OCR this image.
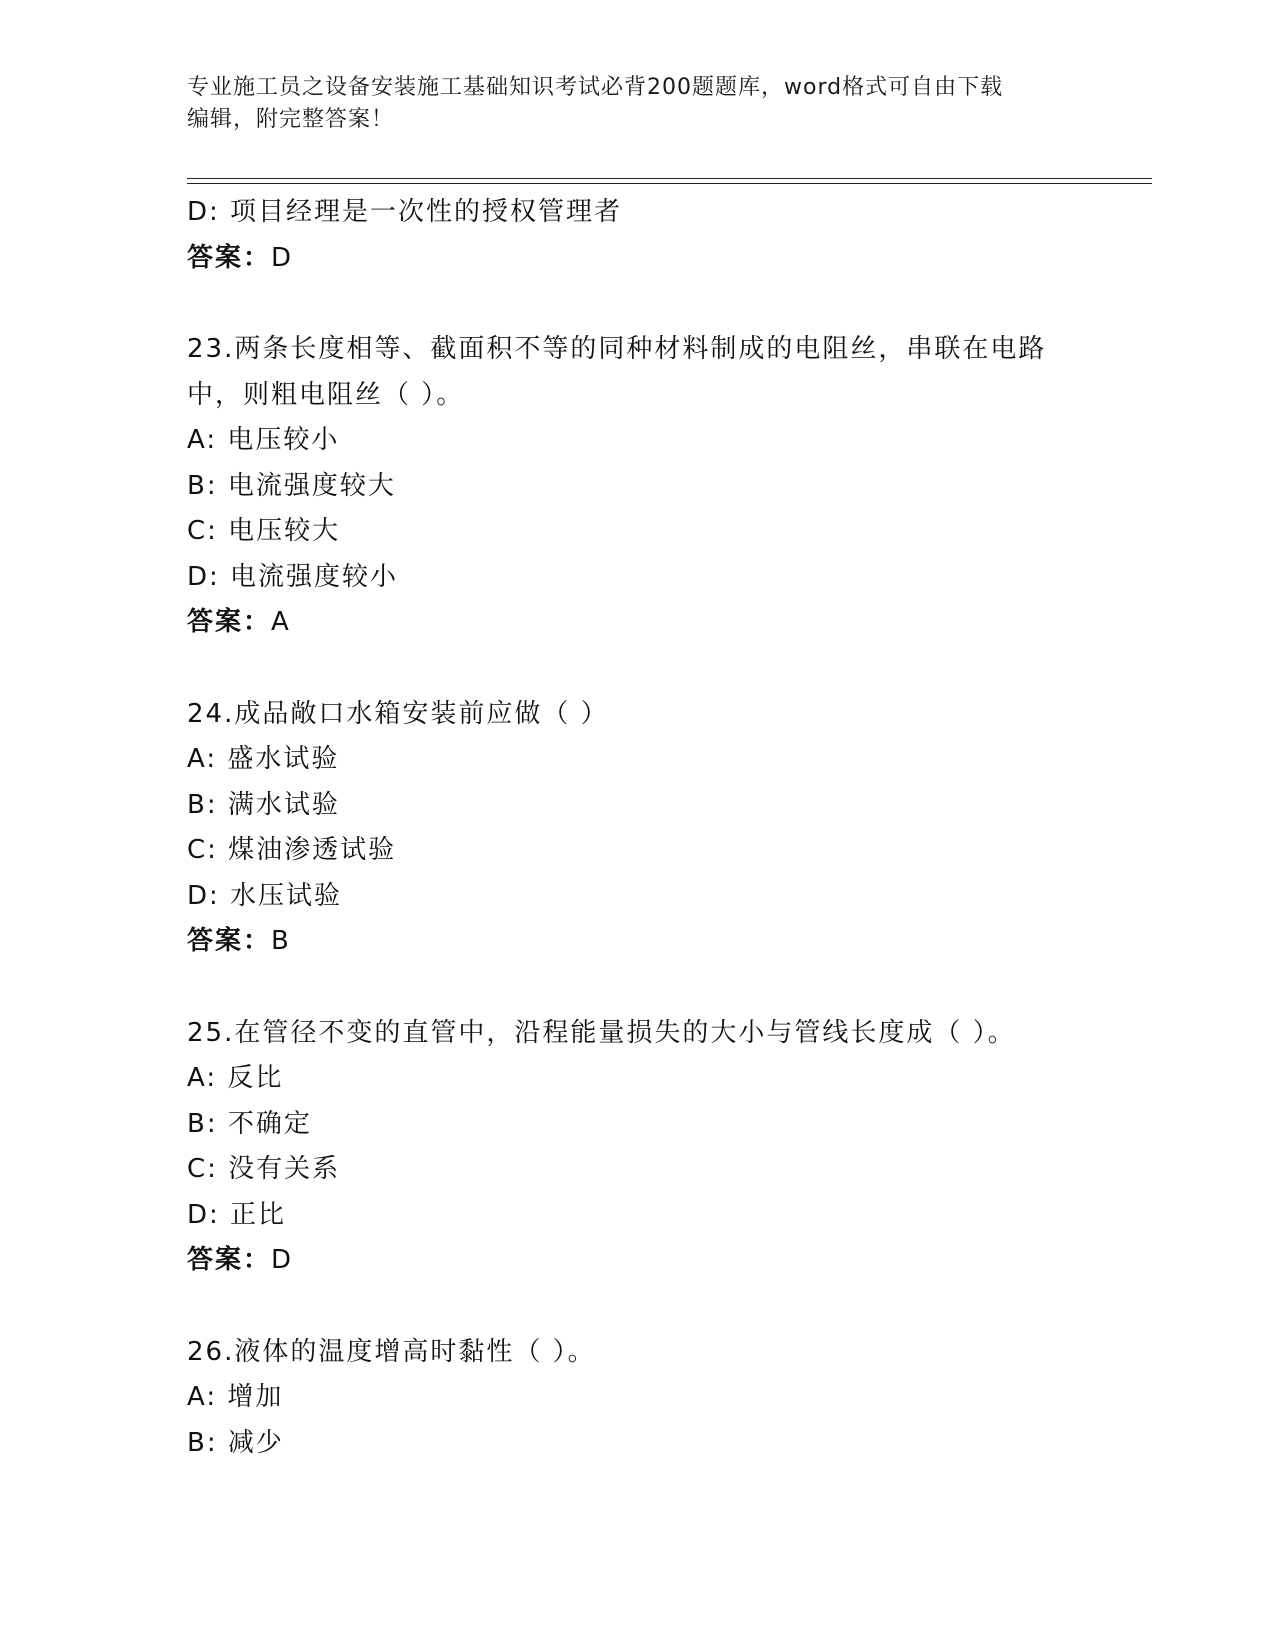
专业施工员之设备安装施工基础知识考试必背200题题库，word格式可自由下载
编辑，附完整答案！
D: 项目经理是一次性的授权管理者
答案：D
23.两条长度相等、截面积不等的同种材料制成的电阻丝，串联在电路
中，则粗电阻丝（ ）。
A: 电压较小
B: 电流强度较大
C: 电压较大
D: 电流强度较小
答案：A
24.成品敞口水箱安装前应做（ ）
A: 盛水试验
B: 满水试验
C: 煤油渗透试验
D: 水压试验
答案：B
25.在管径不变的直管中，沿程能量损失的大小与管线长度成（ ）。
A: 反比
B: 不确定
C: 没有关系
D: 正比
答案：D
26.液体的温度增高时黏性（ ）。
A: 增加
B: 减少
